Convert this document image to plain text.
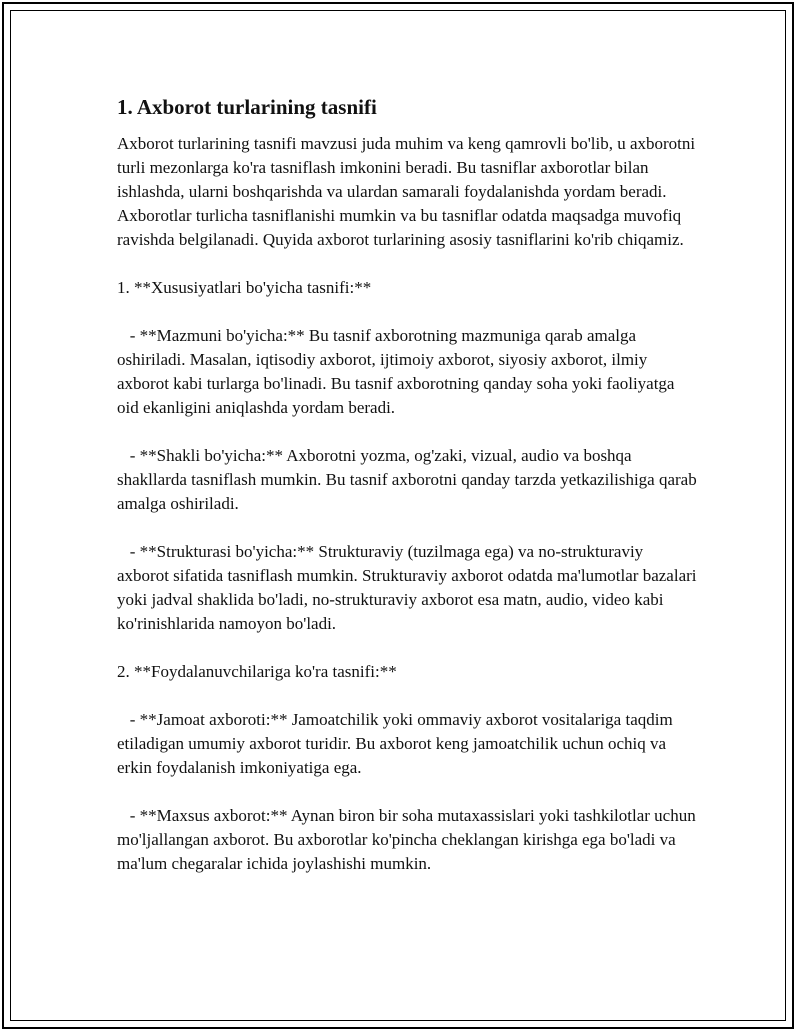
1. Axborot turlarining tasnifi

Axborot turlarining tasnifi mavzusi juda muhim va keng qamrovli bo'lib, u axborotni turli mezonlarga ko'ra tasniflash imkonini beradi. Bu tasniflar axborotlar bilan ishlashda, ularni boshqarishda va ulardan samarali foydalanishda yordam beradi. Axborotlar turlicha tasniflanishi mumkin va bu tasniflar odatda maqsadga muvofiq ravishda belgilanadi. Quyida axborot turlarining asosiy tasniflarini ko'rib chiqamiz.

1. **Xususiyatlari bo'yicha tasnifi:**

- **Mazmuni bo'yicha:** Bu tasnif axborotning mazmuniga qarab amalga oshiriladi. Masalan, iqtisodiy axborot, ijtimoiy axborot, siyosiy axborot, ilmiy axborot kabi turlarga bo'linadi. Bu tasnif axborotning qanday soha yoki faoliyatga oid ekanligini aniqlashda yordam beradi.

- **Shakli bo'yicha:** Axborotni yozma, og'zaki, vizual, audio va boshqa shakllarda tasniflash mumkin. Bu tasnif axborotni qanday tarzda yetkazilishiga qarab amalga oshiriladi.

- **Strukturasi bo'yicha:** Strukturaviy (tuzilmaga ega) va no-strukturaviy axborot sifatida tasniflash mumkin. Strukturaviy axborot odatda ma'lumotlar bazalari yoki jadval shaklida bo'ladi, no-strukturaviy axborot esa matn, audio, video kabi ko'rinishlarida namoyon bo'ladi.

2. **Foydalanuvchilariga ko'ra tasnifi:**

- **Jamoat axboroti:** Jamoatchilik yoki ommaviy axborot vositalariga taqdim etiladigan umumiy axborot turidir. Bu axborot keng jamoatchilik uchun ochiq va erkin foydalanish imkoniyatiga ega.

- **Maxsus axborot:** Aynan biron bir soha mutaxassislari yoki tashkilotlar uchun mo'ljallangan axborot. Bu axborotlar ko'pincha cheklangan kirishga ega bo'ladi va ma'lum chegaralar ichida joylashishi mumkin.
